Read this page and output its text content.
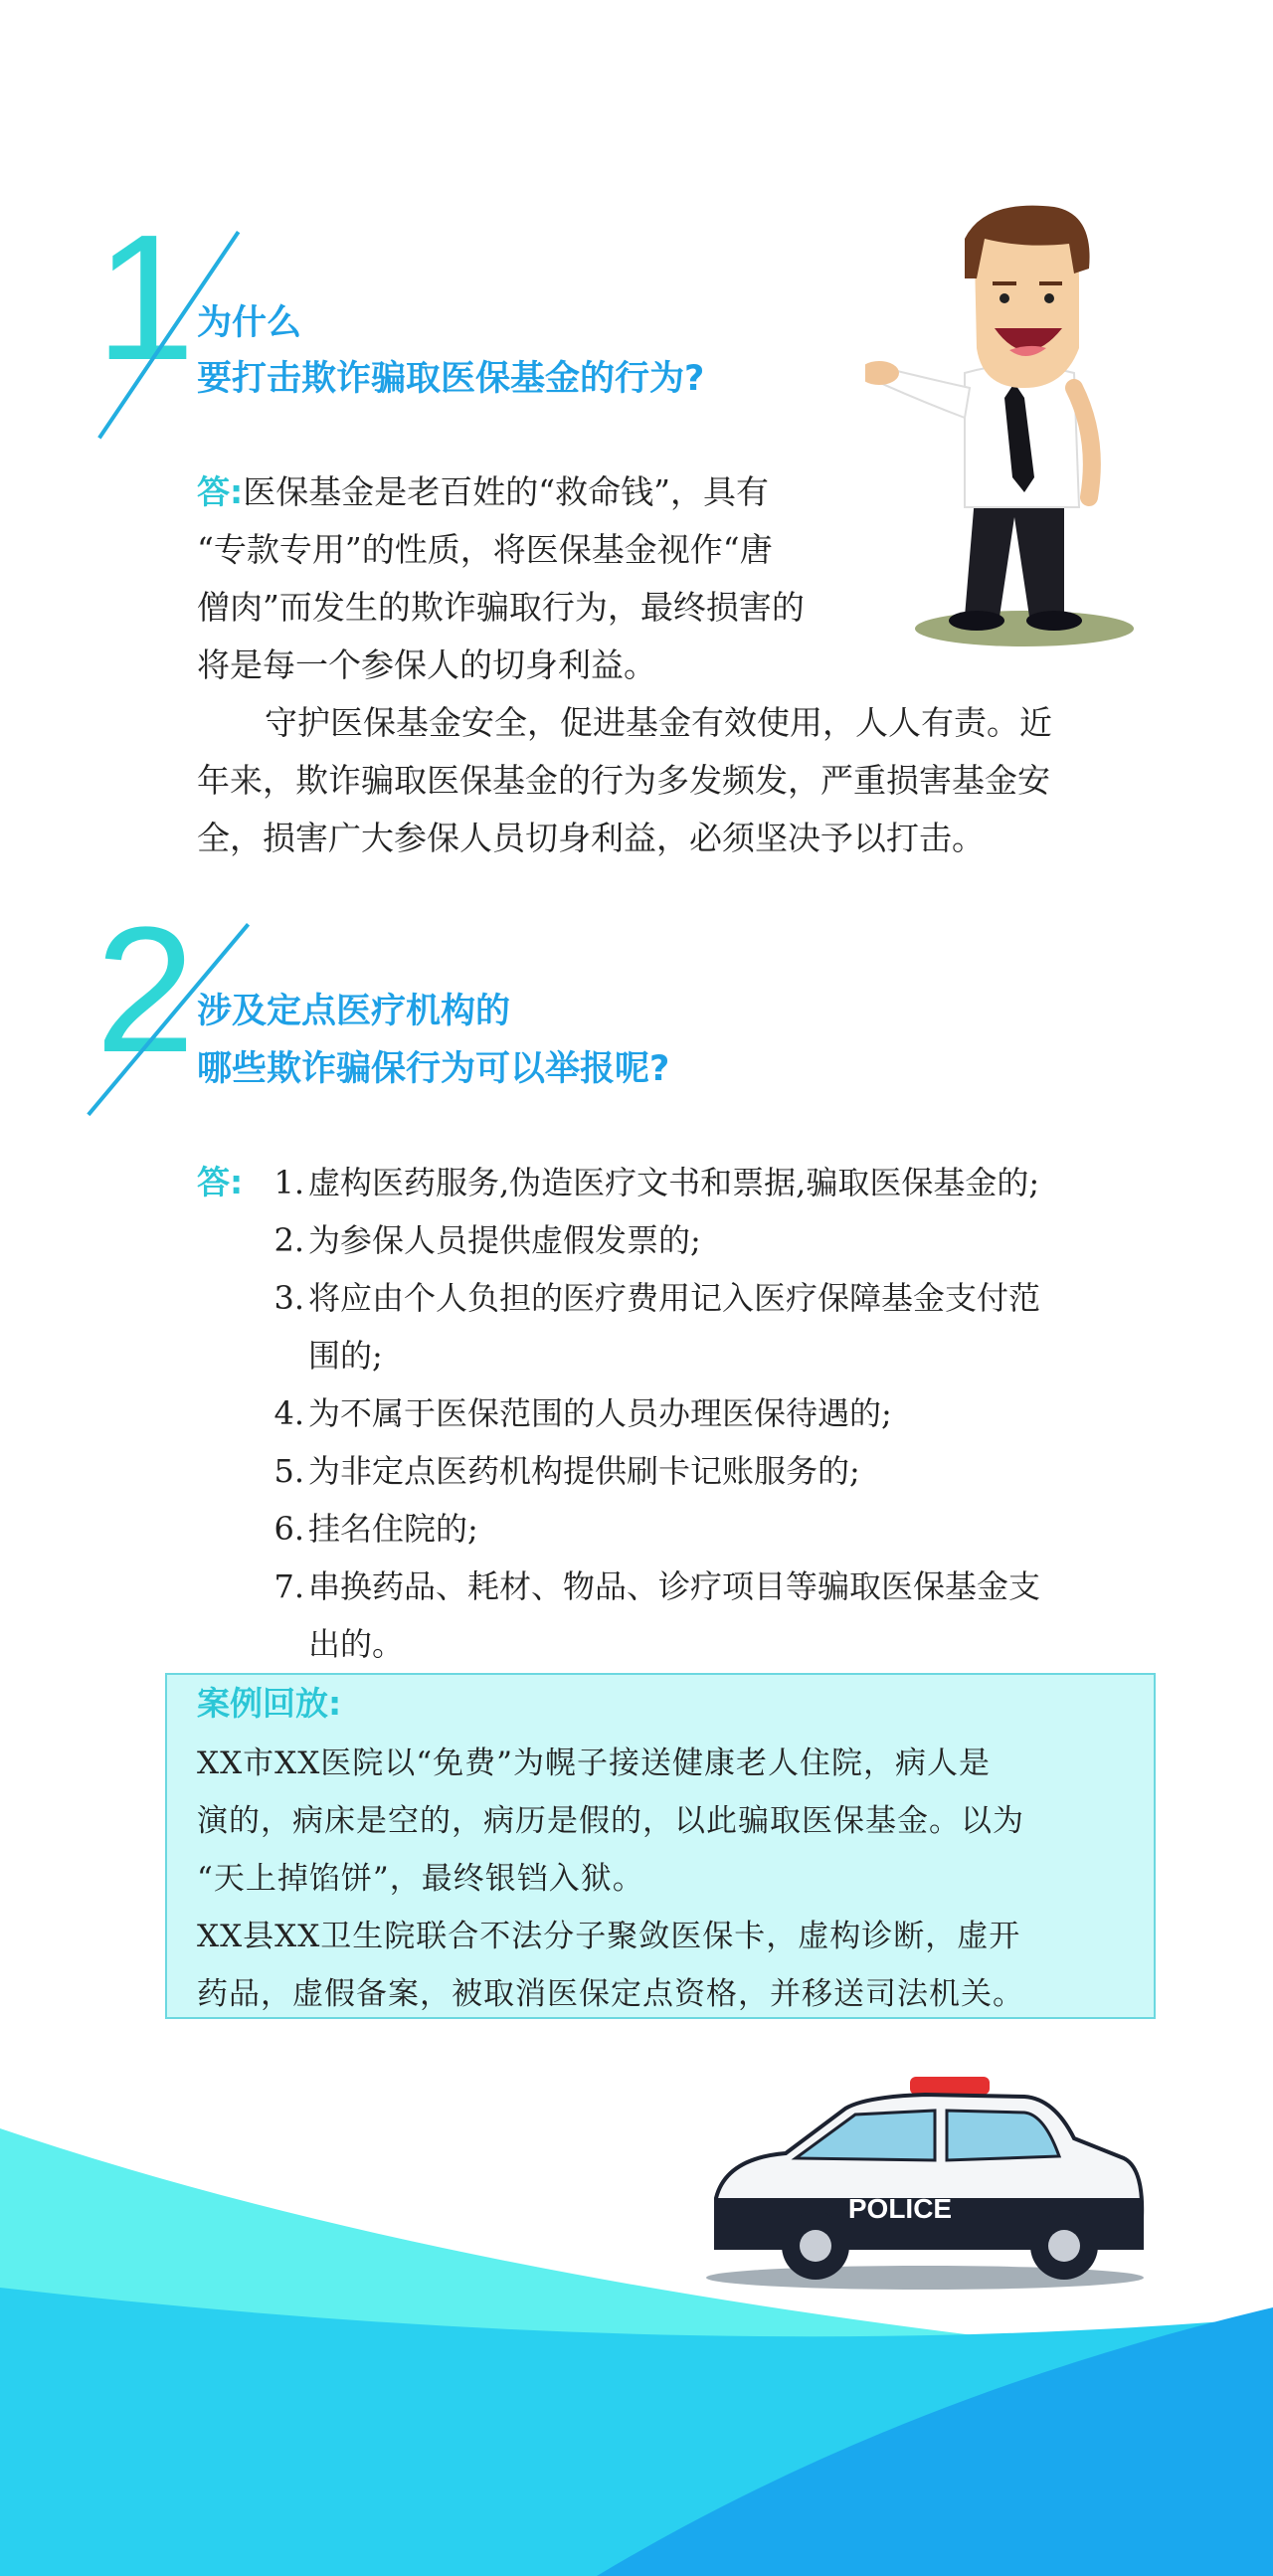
1 为什么
要打击欺诈骗取医保基金的行为?
答:医保基金是老百姓的“救命钱”，具有
“专款专用”的性质，将医保基金视作“唐
僧肉”而发生的欺诈骗取行为，最终损害的
将是每一个参保人的切身利益。
守护医保基金安全，促进基金有效使用，人人有责。近
年来，欺诈骗取医保基金的行为多发频发，严重损害基金安
全，损害广大参保人员切身利益，必须坚决予以打击。
2 涉及定点医疗机构的
哪些欺诈骗保行为可以举报呢?
答: 1. 虚构医药服务,伪造医疗文书和票据,骗取医保基金的;
2. 为参保人员提供虚假发票的;
3. 将应由个人负担的医疗费用记入医疗保障基金支付范
围的;
4. 为不属于医保范围的人员办理医保待遇的;
5. 为非定点医药机构提供刷卡记账服务的;
6. 挂名住院的;
7. 串换药品、耗材、物品、诊疗项目等骗取医保基金支
出的。
案例回放:
XX市XX医院以“免费”为幌子接送健康老人住院，病人是
演的，病床是空的，病历是假的，以此骗取医保基金。以为
“天上掉馅饼”，最终银铛入狱。
XX县XX卫生院联合不法分子聚敛医保卡，虚构诊断，虚开
药品，虚假备案，被取消医保定点资格，并移送司法机关。
POLICE
